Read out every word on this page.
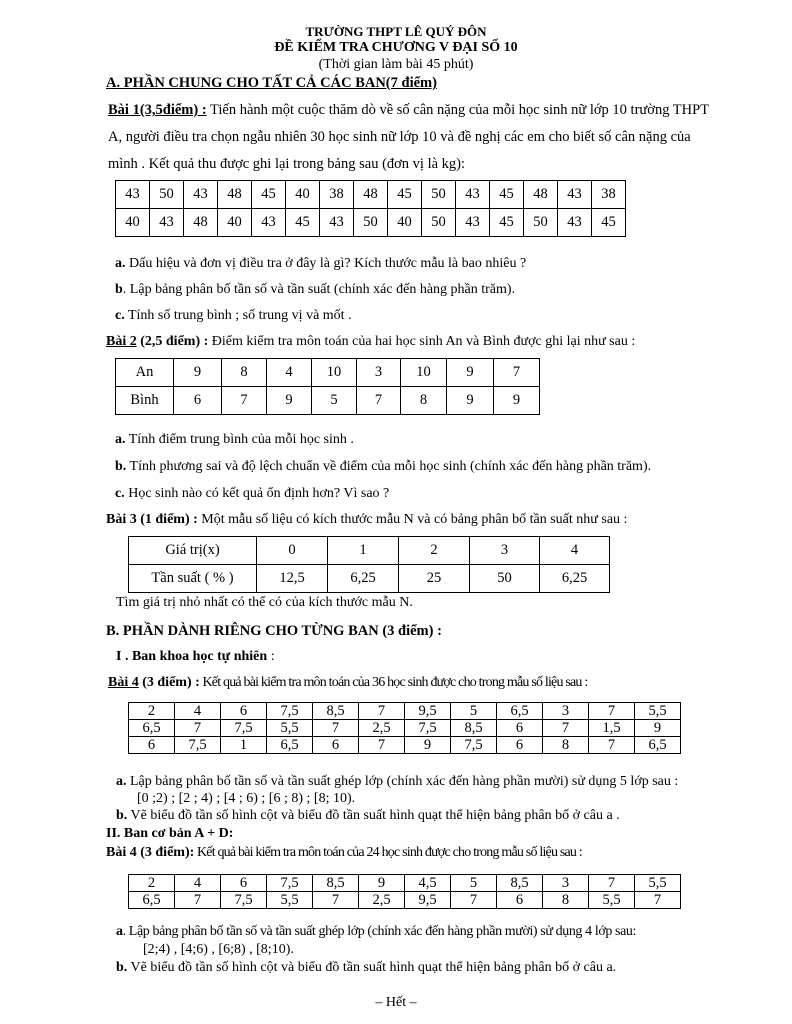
TRƯỜNG THPT LÊ QUÝ ĐÔN
ĐỀ KIỂM TRA CHƯƠNG V ĐẠI SỐ 10
(Thời gian làm bài 45 phút)
A. PHẦN CHUNG CHO TẤT CẢ CÁC BAN(7 điểm)
Bài 1(3,5điểm) : Tiến hành một cuộc thăm dò về số cân nặng của mỗi học sinh nữ lớp 10 trường THPT
A, người điều tra chọn ngẫu nhiên 30 học sinh nữ lớp 10 và đề nghị các em cho biết số cân nặng của
mình . Kết quả thu được ghi lại trong bảng sau (đơn vị là kg):
43	50	43	48	45	40	38	48	45	50	43	45	48	43	38
40	43	48	40	43	45	43	50	40	50	43	45	50	43	45
a. Dấu hiệu và đơn vị điều tra ở đây là gì? Kích thước mẫu là bao nhiêu ?
b. Lập bảng phân bố tần số và tần suất (chính xác đến hàng phần trăm).
c. Tính số trung bình ; số trung vị và mốt .
Bài 2 (2,5 điểm) : Điểm kiểm tra môn toán của hai học sinh An và Bình được ghi lại như sau :
An	9	8	4	10	3	10	9	7
Bình	6	7	9	5	7	8	9	9
a. Tính điểm trung bình của mỗi học sinh .
b. Tính phương sai và độ lệch chuẩn về điểm của mỗi học sinh (chính xác đến hàng phần trăm).
c. Học sinh nào có kết quả ổn định hơn? Vì sao ?
Bài 3 (1 điểm) : Một mẫu số liệu có kích thước mẫu N và có bảng phân bố tần suất như sau :
Giá trị(x)	0	1	2	3	4
Tần suất ( % )	12,5	6,25	25	50	6,25
Tìm giá trị nhỏ nhất có thể có của kích thước mẫu N.
B. PHẦN DÀNH RIÊNG CHO TỪNG BAN (3 điểm) :
I . Ban khoa học tự nhiên :
Bài 4 (3 điểm) : Kết quả bài kiểm tra môn toán của 36 học sinh được cho trong mẫu số liệu sau :
2	4	6	7,5	8,5	7	9,5	5	6,5	3	7	5,5
6,5	7	7,5	5,5	7	2,5	7,5	8,5	6	7	1,5	9
6	7,5	1	6,5	6	7	9	7,5	6	8	7	6,5
a. Lập bảng phân bố tần số và tần suất ghép lớp (chính xác đến hàng phần mười) sử dụng 5 lớp sau :
[0 ;2) ; [2 ; 4) ; [4 ; 6) ; [6 ; 8) ; [8; 10).
b. Vẽ biểu đồ tần số hình cột và biểu đồ tần suất hình quạt thể hiện bảng phân bố ở câu a .
II. Ban cơ bản A + D:
Bài 4 (3 điểm): Kết quả bài kiểm tra môn toán của 24 học sinh được cho trong mẫu số liệu sau :
2	4	6	7,5	8,5	9	4,5	5	8,5	3	7	5,5
6,5	7	7,5	5,5	7	2,5	9,5	7	6	8	5,5	7
a. Lập bảng phân bố tần số và tần suất ghép lớp (chính xác đến hàng phần mười) sử dụng 4 lớp sau:
[2;4) , [4;6) , [6;8) , [8;10).
b. Vẽ biểu đồ tần số hình cột và biểu đồ tần suất hình quạt thể hiện bảng phân bố ở câu a.
– Hết –
